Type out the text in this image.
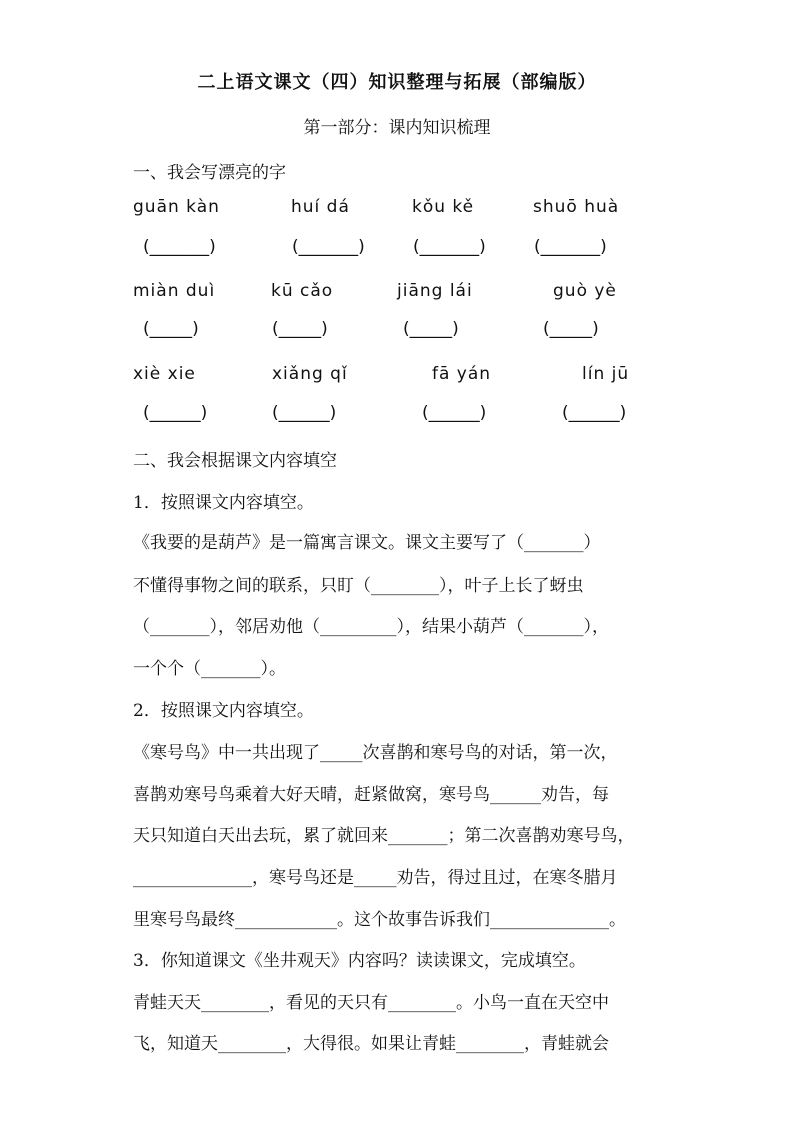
二上语文课文（四）知识整理与拓展（部编版）
第一部分：课内知识梳理
一、我会写漂亮的字
guān kàn	huí dá	kǒu kě	shuō huà
(_______)	(_______)	(_______)	(_______)
miàn duì	kū cǎo	jiāng lái	guò yè
(_____)	(_____)	(_____)	(_____)
xiè xie	xiǎng qǐ	fā yán	lín jū
(______)	(______)	(______)	(______)
二、我会根据课文内容填空
1．按照课文内容填空。
《我要的是葫芦》是一篇寓言课文。课文主要写了（_______）
不懂得事物之间的联系，只盯（________），叶子上长了蚜虫
（_______），邻居劝他（_________），结果小葫芦（_______），
一个个（_______）。
2．按照课文内容填空。
《寒号鸟》中一共出现了_____次喜鹊和寒号鸟的对话，第一次，
喜鹊劝寒号鸟乘着大好天晴，赶紧做窝，寒号鸟______劝告，每
天只知道白天出去玩，累了就回来_______；第二次喜鹊劝寒号鸟，
______________，寒号鸟还是_____劝告，得过且过，在寒冬腊月
里寒号鸟最终____________。这个故事告诉我们______________。
3．你知道课文《坐井观天》内容吗？读读课文，完成填空。
青蛙天天________，看见的天只有________。小鸟一直在天空中
飞，知道天________，大得很。如果让青蛙________，青蛙就会
